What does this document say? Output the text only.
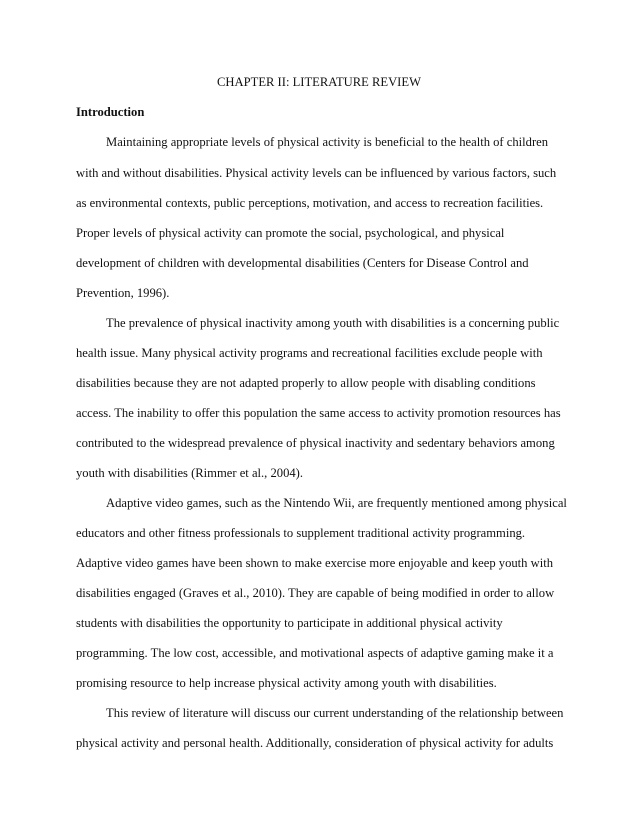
CHAPTER II: LITERATURE REVIEW
Introduction
Maintaining appropriate levels of physical activity is beneficial to the health of children
with and without disabilities. Physical activity levels can be influenced by various factors, such
as environmental contexts, public perceptions, motivation, and access to recreation facilities.
Proper levels of physical activity can promote the social, psychological, and physical
development of children with developmental disabilities (Centers for Disease Control and
Prevention, 1996).
The prevalence of physical inactivity among youth with disabilities is a concerning public
health issue. Many physical activity programs and recreational facilities exclude people with
disabilities because they are not adapted properly to allow people with disabling conditions
access. The inability to offer this population the same access to activity promotion resources has
contributed to the widespread prevalence of physical inactivity and sedentary behaviors among
youth with disabilities (Rimmer et al., 2004).
Adaptive video games, such as the Nintendo Wii, are frequently mentioned among physical
educators and other fitness professionals to supplement traditional activity programming.
Adaptive video games have been shown to make exercise more enjoyable and keep youth with
disabilities engaged (Graves et al., 2010). They are capable of being modified in order to allow
students with disabilities the opportunity to participate in additional physical activity
programming. The low cost, accessible, and motivational aspects of adaptive gaming make it a
promising resource to help increase physical activity among youth with disabilities.
This review of literature will discuss our current understanding of the relationship between
physical activity and personal health. Additionally, consideration of physical activity for adults
